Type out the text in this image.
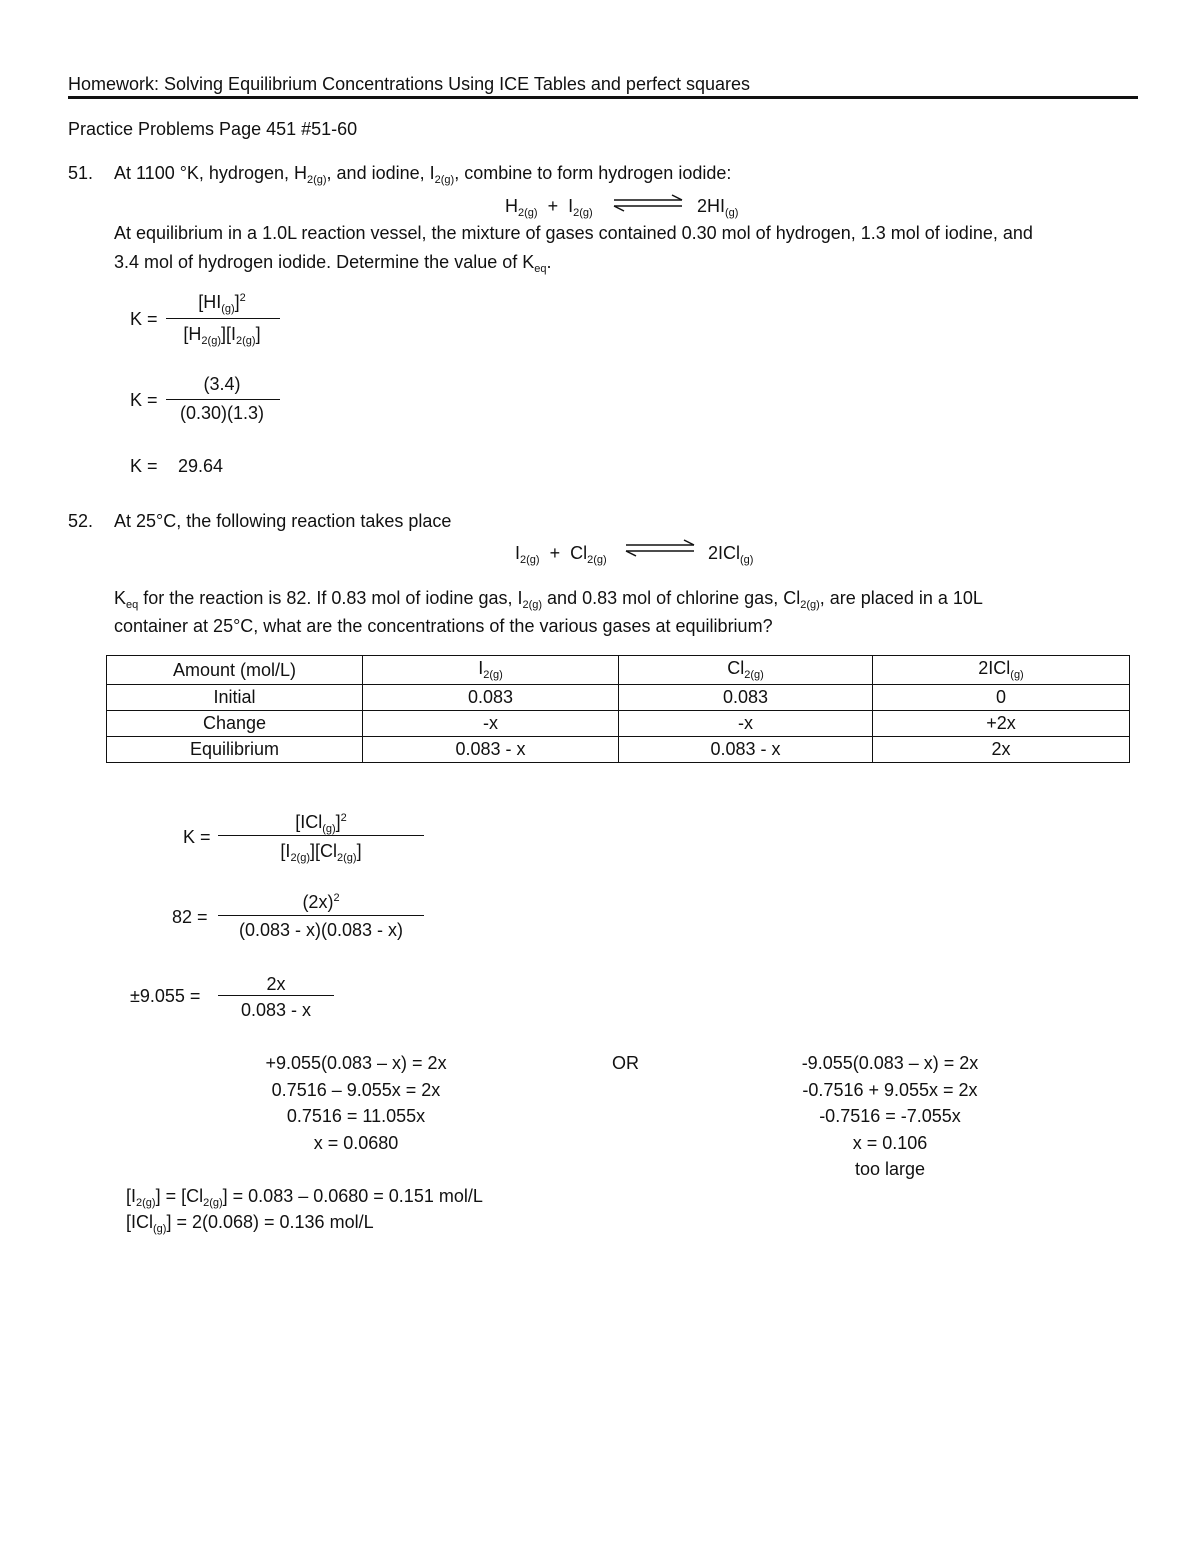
Homework: Solving Equilibrium Concentrations Using ICE Tables and perfect squares
Practice Problems Page 451 #51-60
51. At 1100 °K, hydrogen, $H_{2(g)}$, and iodine, $I_{2(g)}$, combine to form hydrogen iodide:
$H_{2(g)} + I_{2(g)}$	$2HI_{(g)}$
At equilibrium in a 1.0L reaction vessel, the mixture of gases contained 0.30 mol of hydrogen, 1.3 mol of iodine, and
3.4 mol of hydrogen iodide. Determine the value of $K_{eq}$.
K =
$[HI_{(g)}]^2$
$[H_{2(g)}][I_{2(g)}]$
K =
(3.4)
(0.30)(1.3)
K = 29.64
52. At 25°C, the following reaction takes place
$I_{2(g)} + Cl_{2(g)}$	2ICl$_{(g)}$
$K_{eq}$ for the reaction is 82. If 0.83 mol of iodine gas, $I_{2(g)}$ and 0.83 mol of chlorine gas, $Cl_{2(g)}$, are placed in a 10L
container at 25°C, what are the concentrations of the various gases at equilibrium?
Amount (mol/L)	$I_{2(g)}$	$Cl_{2(g)}$	2ICl$_{(g)}$
Initial	0.083	0.083	0
Change	-x	-x	+2x
Equilibrium	0.083 - x	0.083 - x	2x
K =
$[ICl_{(g)}]^2$
$[I_{2(g)}][Cl_{2(g)}]$
82 =
$(2x)^2$
(0.083 - x)(0.083 - x)
±9.055 =
2x
0.083 - x
+9.055(0.083 – x) = 2x
0.7516 – 9.055x = 2x
0.7516 = 11.055x
x = 0.0680
OR	-9.055(0.083 – x) = 2x
-0.7516 + 9.055x = 2x
-0.7516 = -7.055x
x = 0.106
too large
$[I_{2(g)}] = [Cl_{2(g)}] = 0.083 - 0.0680 = 0.151$ mol/L
[ICl$_{(g)}$] = 2(0.068) = 0.136 mol/L
